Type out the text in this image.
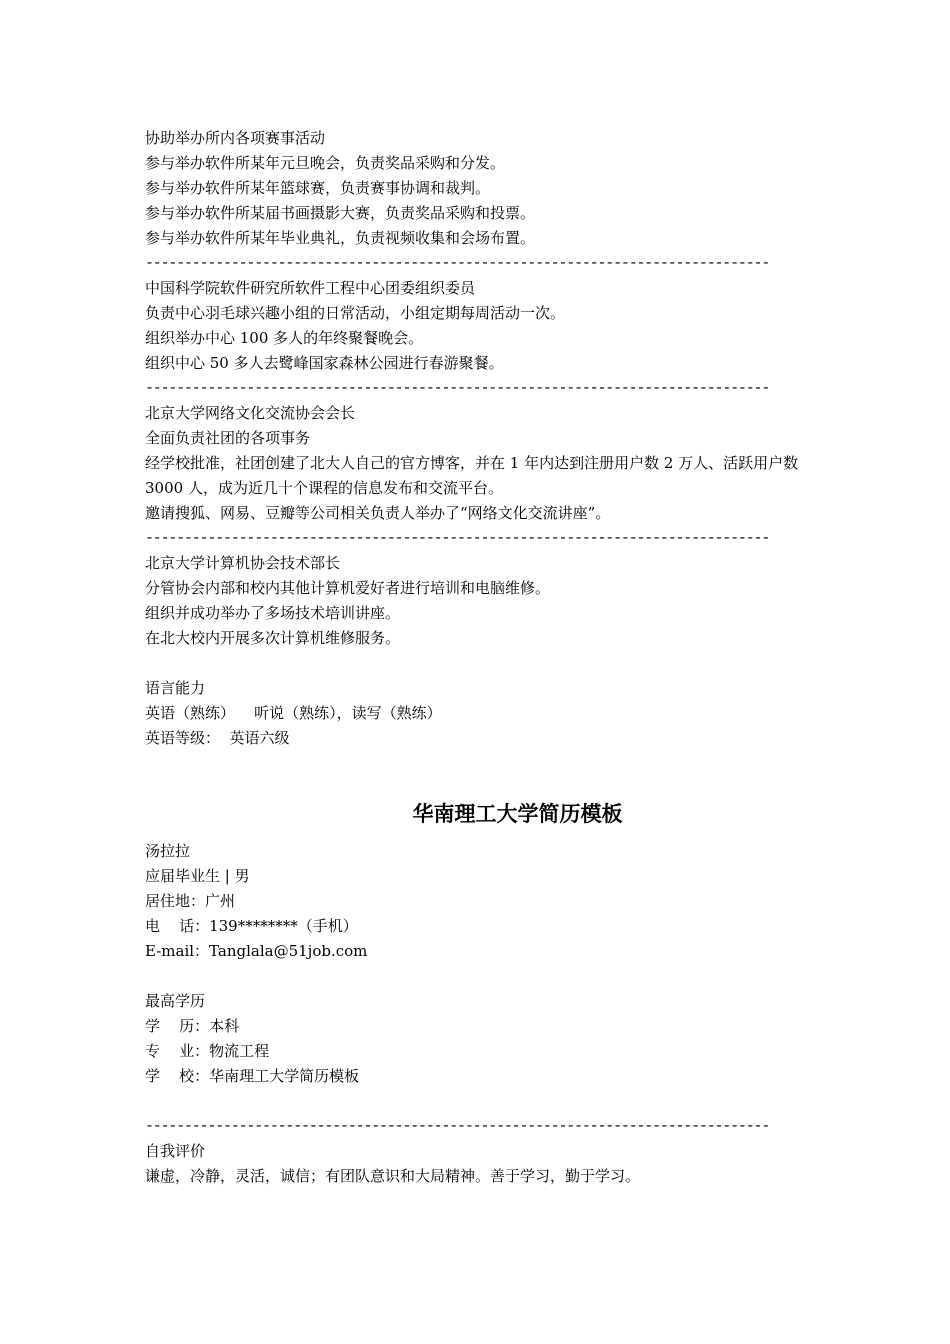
协助举办所内各项赛事活动
参与举办软件所某年元旦晚会，负责奖品采购和分发。
参与举办软件所某年篮球赛，负责赛事协调和裁判。
参与举办软件所某届书画摄影大赛，负责奖品采购和投票。
参与举办软件所某年毕业典礼，负责视频收集和会场布置。
--------------------------------------------------------------------------------
中国科学院软件研究所软件工程中心团委组织委员
负责中心羽毛球兴趣小组的日常活动，小组定期每周活动一次。
组织举办中心 100 多人的年终聚餐晚会。
组织中心 50 多人去鹭峰国家森林公园进行春游聚餐。
--------------------------------------------------------------------------------
北京大学网络文化交流协会会长
全面负责社团的各项事务
经学校批准，社团创建了北大人自己的官方博客，并在 1 年内达到注册用户数 2 万人、活跃用户数 3000 人，成为近几十个课程的信息发布和交流平台。
邀请搜狐、网易、豆瓣等公司相关负责人举办了“网络文化交流讲座”。
--------------------------------------------------------------------------------
北京大学计算机协会技术部长
分管协会内部和校内其他计算机爱好者进行培训和电脑维修。
组织并成功举办了多场技术培训讲座。
在北大校内开展多次计算机维修服务。
语言能力
英语（熟练）    听说（熟练），读写（熟练）
英语等级：  英语六级
华南理工大学简历模板
汤拉拉
应届毕业生 | 男
居住地：广州
电    话：139********（手机）
E-mail：Tanglala@51job.com
最高学历
学    历：本科
专    业：物流工程
学    校：华南理工大学简历模板
--------------------------------------------------------------------------------
自我评价
谦虚，冷静，灵活，诚信；有团队意识和大局精神。善于学习，勤于学习。
